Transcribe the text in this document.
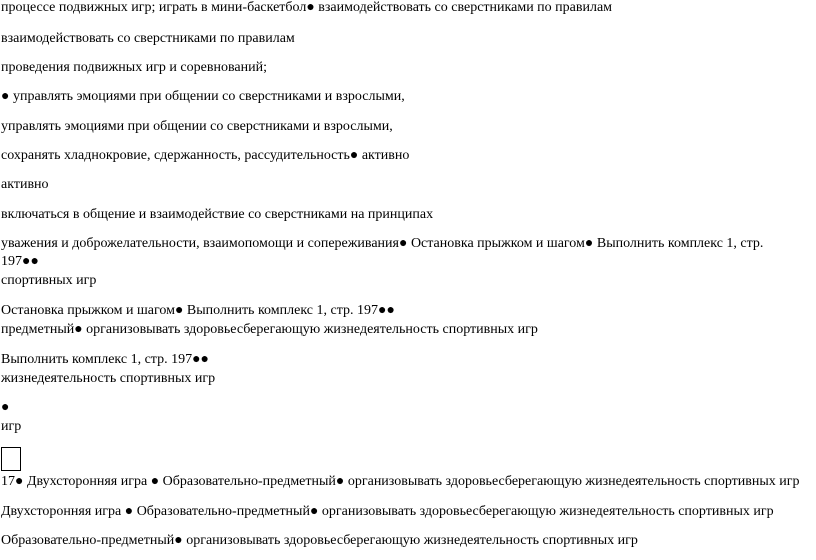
процессе подвижных игр; играть в мини-баскетбол● взаимодействовать со сверстниками по правилам
взаимодействовать со сверстниками по правилам
проведения подвижных игр и соревнований;
● управлять эмоциями при общении со сверстниками и взрослыми,
управлять эмоциями при общении со сверстниками и взрослыми,
сохранять хладнокровие, сдержанность, рассудительность● активно
активно
включаться в общение и взаимодействие со сверстниками на принципах
уважения и доброжелательности, взаимопомощи и сопереживания● Остановка прыжком и шагом● Выполнить комплекс 1, стр.
197●●
спортивных игр
Остановка прыжком и шагом● Выполнить комплекс 1, стр. 197●●
предметный● организовывать здоровьесберегающую жизнедеятельность спортивных игр
Выполнить комплекс 1, стр. 197●●
жизнедеятельность спортивных игр
●
игр
17● Двухсторонняя игра ● Образовательно-предметный● организовывать здоровьесберегающую жизнедеятельность спортивных игр
Двухсторонняя игра ● Образовательно-предметный● организовывать здоровьесберегающую жизнедеятельность спортивных игр
Образовательно-предметный● организовывать здоровьесберегающую жизнедеятельность спортивных игр
